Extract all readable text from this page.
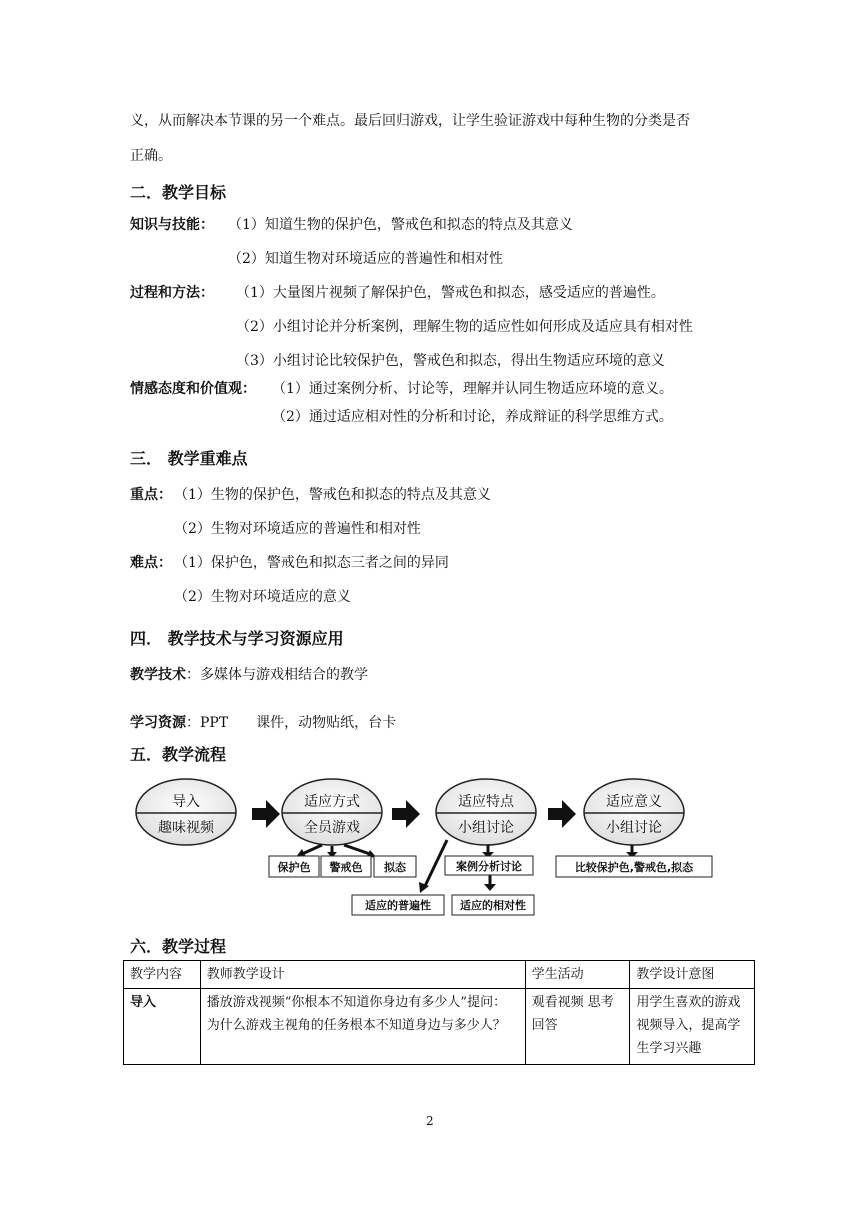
义，从而解决本节课的另一个难点。最后回归游戏，让学生验证游戏中每种生物的分类是否
正确。
二．教学目标
知识与技能： （1）知道生物的保护色，警戒色和拟态的特点及其意义
（2）知道生物对环境适应的普遍性和相对性
过程和方法： （1）大量图片视频了解保护色，警戒色和拟态，感受适应的普遍性。
（2）小组讨论并分析案例，理解生物的适应性如何形成及适应具有相对性
（3）小组讨论比较保护色，警戒色和拟态，得出生物适应环境的意义
情感态度和价值观： （1）通过案例分析、讨论等，理解并认同生物适应环境的意义。
（2）通过适应相对性的分析和讨论，养成辩证的科学思维方式。
三． 教学重难点
重点： （1）生物的保护色，警戒色和拟态的特点及其意义
（2）生物对环境适应的普遍性和相对性
难点： （1）保护色，警戒色和拟态三者之间的异同
（2）生物对环境适应的意义
四． 教学技术与学习资源应用
教学技术：多媒体与游戏相结合的教学
学习资源：PPT　　课件，动物贴纸，台卡
五．教学流程
导入
趣味视频
适应方式
全员游戏
适应特点
小组讨论
适应意义
小组讨论
保护色 警戒色 拟态	案例分析讨论
适应的普遍性	适应的相对性
比较保护色,警戒色,拟态
六．教学过程
教学内容	教师教学设计	学生活动	教学设计意图
导入	播放游戏视频“你根本不知道你身边有多少人”提问：为什么游戏主视角的任务根本不知道身边与多少人？	观看视频 思考回答	用学生喜欢的游戏视频导入，提高学生学习兴趣
2
